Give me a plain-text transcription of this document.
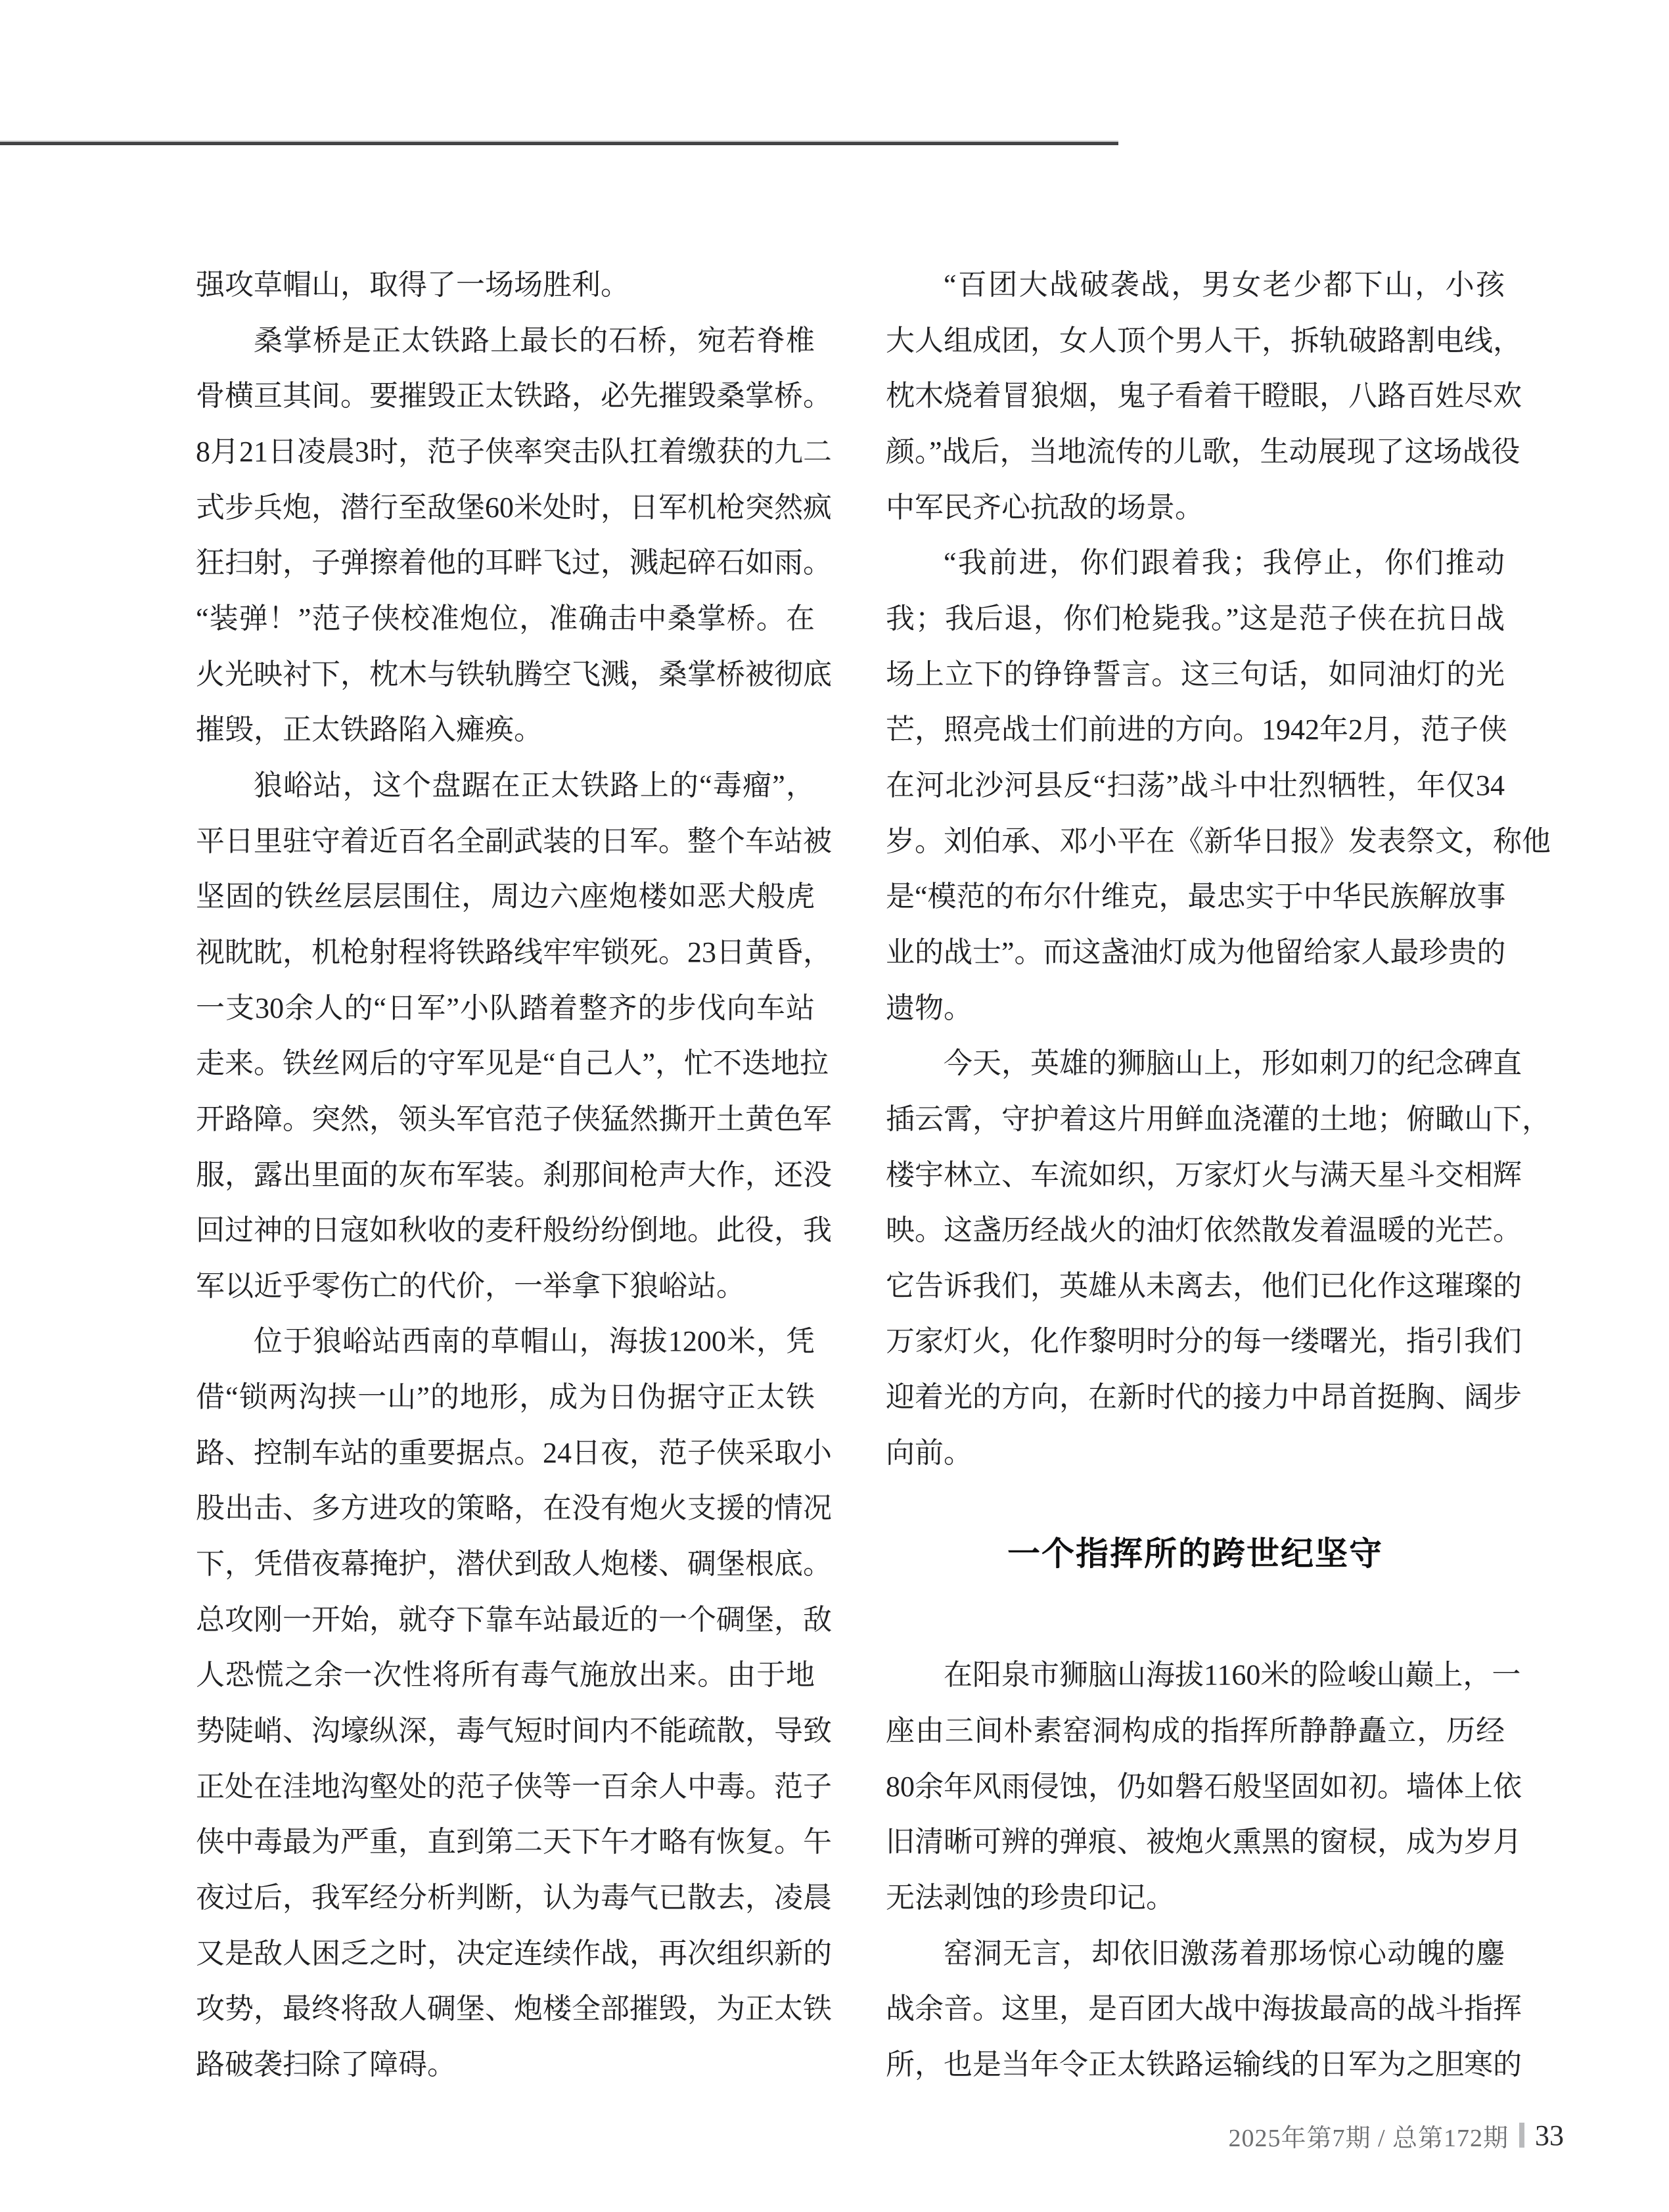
强攻草帽山，取得了一场场胜利。
桑掌桥是正太铁路上最长的石桥，宛若脊椎
骨横亘其间。要摧毁正太铁路，必先摧毁桑掌桥。
8月21日凌晨3时，范子侠率突击队扛着缴获的九二
式步兵炮，潜行至敌堡60米处时，日军机枪突然疯
狂扫射，子弹擦着他的耳畔飞过，溅起碎石如雨。
“装弹！”范子侠校准炮位，准确击中桑掌桥。在
火光映衬下，枕木与铁轨腾空飞溅，桑掌桥被彻底
摧毁，正太铁路陷入瘫痪。
狼峪站，这个盘踞在正太铁路上的“毒瘤”，
平日里驻守着近百名全副武装的日军。整个车站被
坚固的铁丝层层围住，周边六座炮楼如恶犬般虎
视眈眈，机枪射程将铁路线牢牢锁死。23日黄昏，
一支30余人的“日军”小队踏着整齐的步伐向车站
走来。铁丝网后的守军见是“自己人”，忙不迭地拉
开路障。突然，领头军官范子侠猛然撕开土黄色军
服，露出里面的灰布军装。刹那间枪声大作，还没
回过神的日寇如秋收的麦秆般纷纷倒地。此役，我
军以近乎零伤亡的代价，一举拿下狼峪站。
位于狼峪站西南的草帽山，海拔1200米，凭
借“锁两沟挟一山”的地形，成为日伪据守正太铁
路、控制车站的重要据点。24日夜，范子侠采取小
股出击、多方进攻的策略，在没有炮火支援的情况
下，凭借夜幕掩护，潜伏到敌人炮楼、碉堡根底。
总攻刚一开始，就夺下靠车站最近的一个碉堡，敌
人恐慌之余一次性将所有毒气施放出来。由于地
势陡峭、沟壕纵深，毒气短时间内不能疏散，导致
正处在洼地沟壑处的范子侠等一百余人中毒。范子
侠中毒最为严重，直到第二天下午才略有恢复。午
夜过后，我军经分析判断，认为毒气已散去，凌晨
又是敌人困乏之时，决定连续作战，再次组织新的
攻势，最终将敌人碉堡、炮楼全部摧毁，为正太铁
路破袭扫除了障碍。
“百团大战破袭战，男女老少都下山，小孩
大人组成团，女人顶个男人干，拆轨破路割电线，
枕木烧着冒狼烟，鬼子看着干瞪眼，八路百姓尽欢
颜。”战后，当地流传的儿歌，生动展现了这场战役
中军民齐心抗敌的场景。
“我前进，你们跟着我；我停止，你们推动
我；我后退，你们枪毙我。”这是范子侠在抗日战
场上立下的铮铮誓言。这三句话，如同油灯的光
芒，照亮战士们前进的方向。1942年2月，范子侠
在河北沙河县反“扫荡”战斗中壮烈牺牲，年仅34
岁。刘伯承、邓小平在《新华日报》发表祭文，称他
是“模范的布尔什维克，最忠实于中华民族解放事
业的战士”。而这盏油灯成为他留给家人最珍贵的
遗物。
今天，英雄的狮脑山上，形如刺刀的纪念碑直
插云霄，守护着这片用鲜血浇灌的土地；俯瞰山下，
楼宇林立、车流如织，万家灯火与满天星斗交相辉
映。这盏历经战火的油灯依然散发着温暖的光芒。
它告诉我们，英雄从未离去，他们已化作这璀璨的
万家灯火，化作黎明时分的每一缕曙光，指引我们
迎着光的方向，在新时代的接力中昂首挺胸、阔步
向前。
一个指挥所的跨世纪坚守
在阳泉市狮脑山海拔1160米的险峻山巅上，一
座由三间朴素窑洞构成的指挥所静静矗立，历经
80余年风雨侵蚀，仍如磐石般坚固如初。墙体上依
旧清晰可辨的弹痕、被炮火熏黑的窗棂，成为岁月
无法剥蚀的珍贵印记。
窑洞无言，却依旧激荡着那场惊心动魄的鏖
战余音。这里，是百团大战中海拔最高的战斗指挥
所，也是当年令正太铁路运输线的日军为之胆寒的
2025年第7期 / 总第172期 33
